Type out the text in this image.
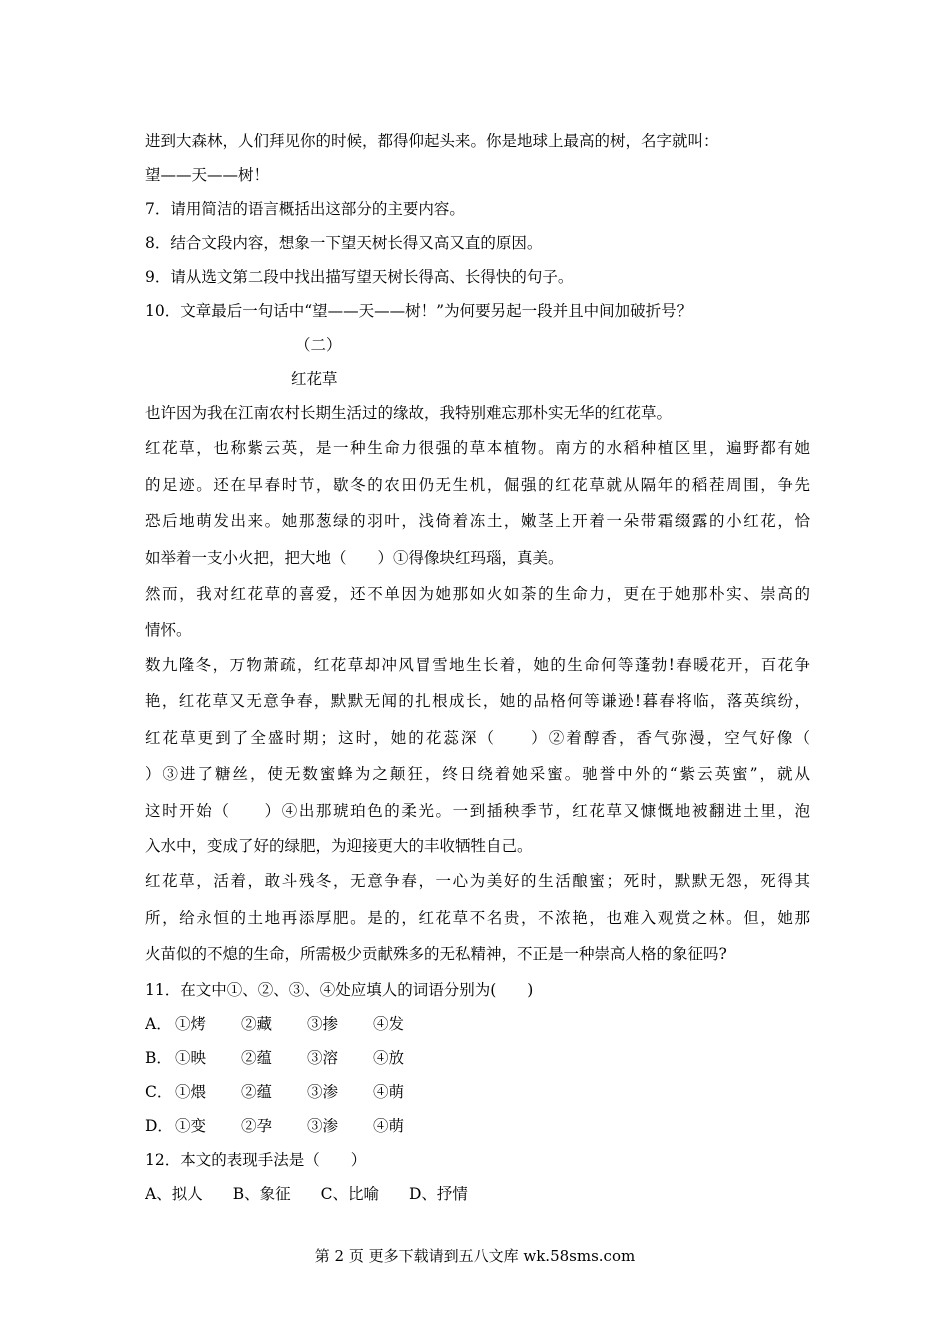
进到大森林，人们拜见你的时候，都得仰起头来。你是地球上最高的树，名字就叫：
望——天——树！
7．请用简洁的语言概括出这部分的主要内容。
8．结合文段内容，想象一下望天树长得又高又直的原因。
9．请从选文第二段中找出描写望天树长得高、长得快的句子。
10．文章最后一句话中“望——天——树！”为何要另起一段并且中间加破折号？
（二）
红花草
也许因为我在江南农村长期生活过的缘故，我特别难忘那朴实无华的红花草。
红花草，也称紫云英，是一种生命力很强的草本植物。南方的水稻种植区里，遍野都有她
的足迹。还在早春时节，歇冬的农田仍无生机，倔强的红花草就从隔年的稻茬周围，争先
恐后地萌发出来。她那葱绿的羽叶，浅倚着冻土，嫩茎上开着一朵带霜缀露的小红花，恰
如举着一支小火把，把大地（　　）①得像块红玛瑙，真美。
然而，我对红花草的喜爱，还不单因为她那如火如荼的生命力，更在于她那朴实、崇高的
情怀。
数九隆冬，万物萧疏，红花草却冲风冒雪地生长着，她的生命何等蓬勃!春暖花开，百花争
艳，红花草又无意争春，默默无闻的扎根成长，她的品格何等谦逊!暮春将临，落英缤纷，
红花草更到了全盛时期；这时，她的花蕊深（　　）②着醇香，香气弥漫，空气好像（
）③进了糖丝，使无数蜜蜂为之颠狂，终日绕着她采蜜。驰誉中外的“紫云英蜜”，就从
这时开始（　　）④出那琥珀色的柔光。一到插秧季节，红花草又慷慨地被翻进土里，泡
入水中，变成了好的绿肥，为迎接更大的丰收牺牲自己。
红花草，活着，敢斗残冬，无意争春，一心为美好的生活酿蜜；死时，默默无怨，死得其
所，给永恒的土地再添厚肥。是的，红花草不名贵，不浓艳，也难入观赏之林。但，她那
火苗似的不熄的生命，所需极少贡献殊多的无私精神，不正是一种崇高人格的象征吗?
11．在文中①、②、③、④处应填人的词语分别为(　　)
A． ①烤 ②藏 ③掺 ④发
B． ①映 ②蕴 ③溶 ④放
C． ①煨 ②蕴 ③渗 ④萌
D． ①变 ②孕 ③渗 ④萌
12．本文的表现手法是（　　）
A、拟人 B、象征 C、比喻 D、抒情
第 2 页 更多下载请到五八文库 wk.58sms.com
